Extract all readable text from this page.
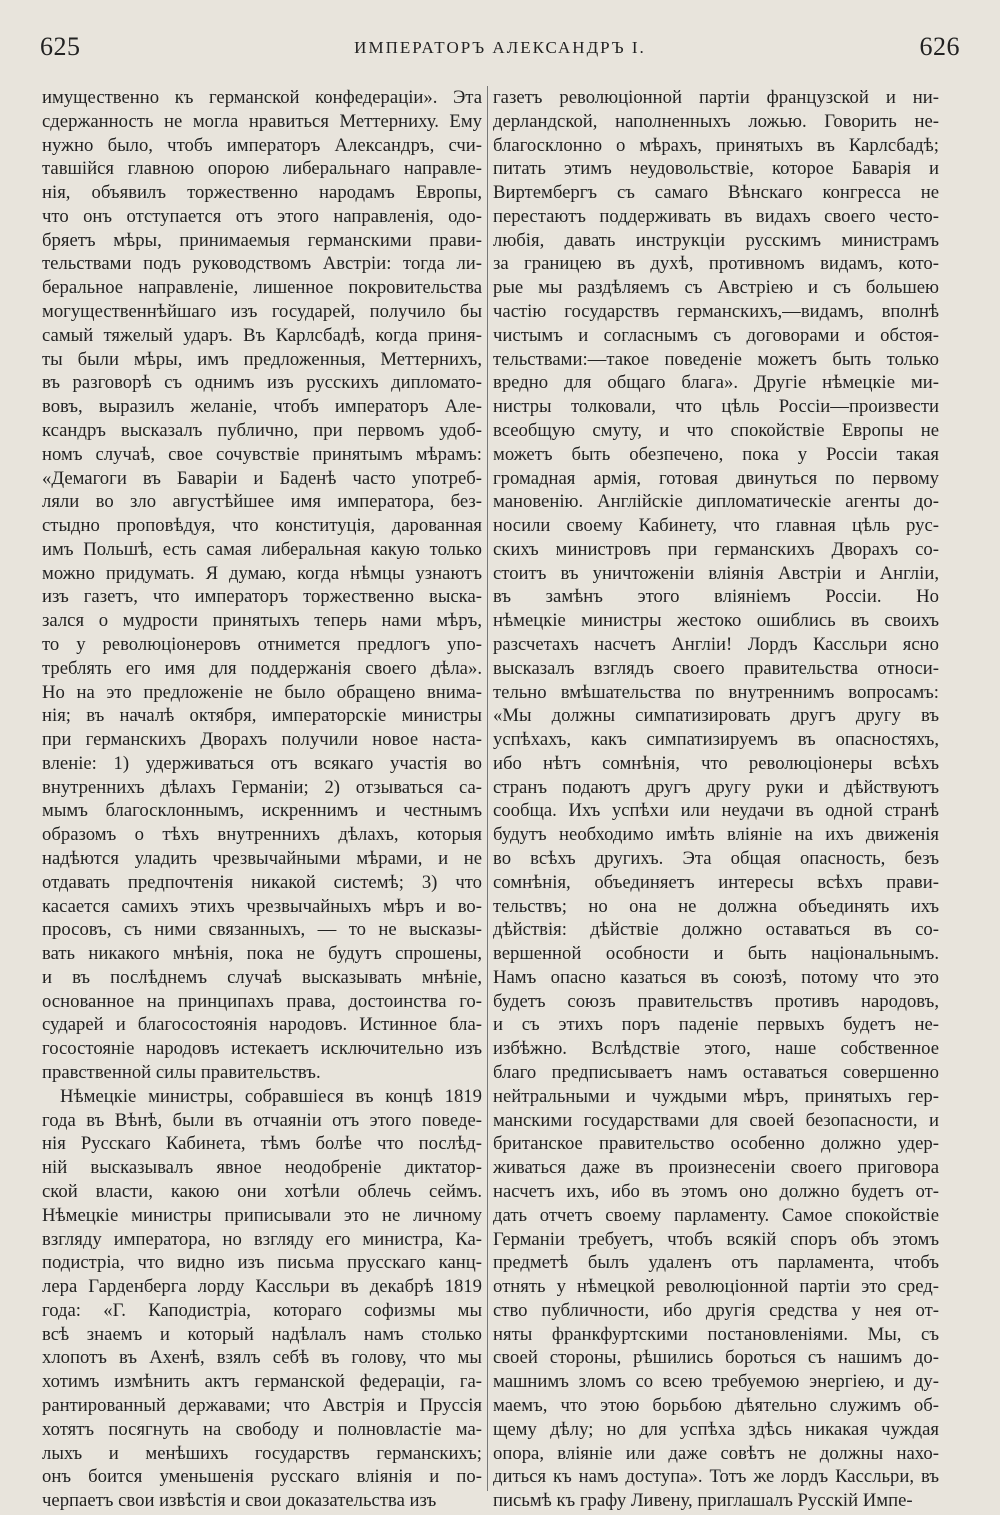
625	ИМПЕРАТОРЪ АЛЕКСАНДРЪ I.	626
имущественно къ германской конфедераціи». Эта
сдержанность не могла нравиться Меттерниху. Ему
нужно было, чтобъ императоръ Александръ, счи-
тавшійся главною опорою либеральнаго направле-
нія, объявилъ торжественно народамъ Европы,
что онъ отступается отъ этого направленія, одо-
бряетъ мѣры, принимаемыя германскими прави-
тельствами подъ руководствомъ Австріи: тогда ли-
беральное направленіе, лишенное покровительства
могущественнѣйшаго изъ государей, получило бы
самый тяжелый ударъ. Въ Карлсбадѣ, когда приня-
ты были мѣры, имъ предложенныя, Меттернихъ,
въ разговорѣ съ однимъ изъ русскихъ дипломато-
вовъ, выразилъ желаніе, чтобъ императоръ Але-
ксандръ высказалъ публично, при первомъ удоб-
номъ случаѣ, свое сочувствіе принятымъ мѣрамъ:
«Демагоги въ Баваріи и Баденѣ часто употреб-
ляли во зло августѣйшее имя императора, без-
стыдно проповѣдуя, что конституція, дарованная
имъ Польшѣ, есть самая либеральная какую только
можно придумать. Я думаю, когда нѣмцы узнаютъ
изъ газетъ, что императоръ торжественно выска-
зался о мудрости принятыхъ теперь нами мѣръ,
то у революціонеровъ отнимется предлогъ упо-
треблять его имя для поддержанія своего дѣла».
Но на это предложеніе не было обращено внима-
нія; въ началѣ октября, императорскіе министры
при германскихъ Дворахъ получили новое наста-
вленіе: 1) удерживаться отъ всякаго участія во
внутреннихъ дѣлахъ Германіи; 2) отзываться са-
мымъ благосклоннымъ, искреннимъ и честнымъ
образомъ о тѣхъ внутреннихъ дѣлахъ, которыя
надѣются уладить чрезвычайными мѣрами, и не
отдавать предпочтенія никакой системѣ; 3) что
касается самихъ этихъ чрезвычайныхъ мѣръ и во-
просовъ, съ ними связанныхъ, — то не высказы-
вать никакого мнѣнія, пока не будутъ спрошены,
и въ послѣднемъ случаѣ высказывать мнѣніе,
основанное на принципахъ права, достоинства го-
сударей и благосостоянія народовъ. Истинное бла-
госостояніе народовъ истекаетъ исключительно изъ
правственной силы правительствъ.
Нѣмецкіе министры, собравшіеся въ концѣ 1819
года въ Вѣнѣ, были въ отчаяніи отъ этого поведе-
нія Русскаго Кабинета, тѣмъ болѣе что послѣд-
ній высказывалъ явное неодобреніе диктатор-
ской власти, какою они хотѣли облечь сеймъ.
Нѣмецкіе министры приписывали это не личному
взгляду императора, но взгляду его министра, Ка-
подистріа, что видно изъ письма прусскаго канц-
лера Гарденберга лорду Кассльри въ декабрѣ 1819
года: «Г. Каподистріа, котораго софизмы мы
всѣ знаемъ и который надѣлалъ намъ столько
хлопотъ въ Ахенѣ, взялъ себѣ въ голову, что мы
хотимъ измѣнить актъ германской федераціи, га-
рантированный державами; что Австрія и Пруссія
хотятъ посягнуть на свободу и полновластіе ма-
лыхъ и менѣшихъ государствъ германскихъ;
онъ боится уменьшенія русскаго вліянія и по-
черпаетъ свои извѣстія и свои доказательства изъ
газетъ революціонной партіи французской и ни-
дерландской, наполненныхъ ложью. Говорить не-
благосклонно о мѣрахъ, принятыхъ въ Карлсбадѣ;
питать этимъ неудовольствіе, которое Баварія и
Виртембергъ съ самаго Вѣнскаго конгресса не
перестаютъ поддерживать въ видахъ своего често-
любія, давать инструкціи русскимъ министрамъ
за границею въ духѣ, противномъ видамъ, кото-
рые мы раздѣляемъ съ Австріею и съ большею
частію государствъ германскихъ,—видамъ, вполнѣ
чистымъ и согласнымъ съ договорами и обстоя-
тельствами:—такое поведеніе можетъ быть только
вредно для общаго блага». Другіе нѣмецкіе ми-
нистры толковали, что цѣль Россіи—произвести
всеобщую смуту, и что спокойствіе Европы не
можетъ быть обезпечено, пока у Россіи такая
громадная армія, готовая двинуться по первому
мановенію. Англійскіе дипломатическіе агенты до-
носили своему Кабинету, что главная цѣль рус-
скихъ министровъ при германскихъ Дворахъ со-
стоитъ въ уничтоженіи вліянія Австріи и Англіи,
въ замѣнъ этого вліяніемъ Россіи. Но
нѣмецкіе министры жестоко ошиблись въ своихъ
разсчетахъ насчетъ Англіи! Лордъ Кассльри ясно
высказалъ взглядъ своего правительства относи-
тельно вмѣшательства по внутреннимъ вопросамъ:
«Мы должны симпатизировать другъ другу въ
успѣхахъ, какъ симпатизируемъ въ опасностяхъ,
ибо нѣтъ сомнѣнія, что революціонеры всѣхъ
странъ подаютъ другъ другу руки и дѣйствуютъ
сообща. Ихъ успѣхи или неудачи въ одной странѣ
будутъ необходимо имѣть вліяніе на ихъ движенія
во всѣхъ другихъ. Эта общая опасность, безъ
сомнѣнія, объединяетъ интересы всѣхъ прави-
тельствъ; но она не должна объединять ихъ
дѣйствія: дѣйствіе должно оставаться въ со-
вершенной особности и быть національнымъ.
Намъ опасно казаться въ союзѣ, потому что это
будетъ союзъ правительствъ противъ народовъ,
и съ этихъ поръ паденіе первыхъ будетъ не-
избѣжно. Вслѣдствіе этого, наше собственное
благо предписываетъ намъ оставаться совершенно
нейтральными и чуждыми мѣръ, принятыхъ гер-
манскими государствами для своей безопасности, и
британское правительство особенно должно удер-
живаться даже въ произнесеніи своего приговора
насчетъ ихъ, ибо въ этомъ оно должно будетъ от-
дать отчетъ своему парламенту. Самое спокойствіе
Германіи требуетъ, чтобъ всякій споръ объ этомъ
предметѣ былъ удаленъ отъ парламента, чтобъ
отнять у нѣмецкой революціонной партіи это сред-
ство публичности, ибо другія средства у нея от-
няты франкфуртскими постановленіями. Мы, съ
своей стороны, рѣшились бороться съ нашимъ до-
машнимъ зломъ со всею требуемою энергіею, и ду-
маемъ, что этою борьбою дѣятельно служимъ об-
щему дѣлу; но для успѣха здѣсь никакая чуждая
опора, вліяніе или даже совѣтъ не должны нахо-
диться къ намъ доступа». Тотъ же лордъ Кассльри, въ
письмѣ къ графу Ливену, приглашалъ Русскій Импе-
